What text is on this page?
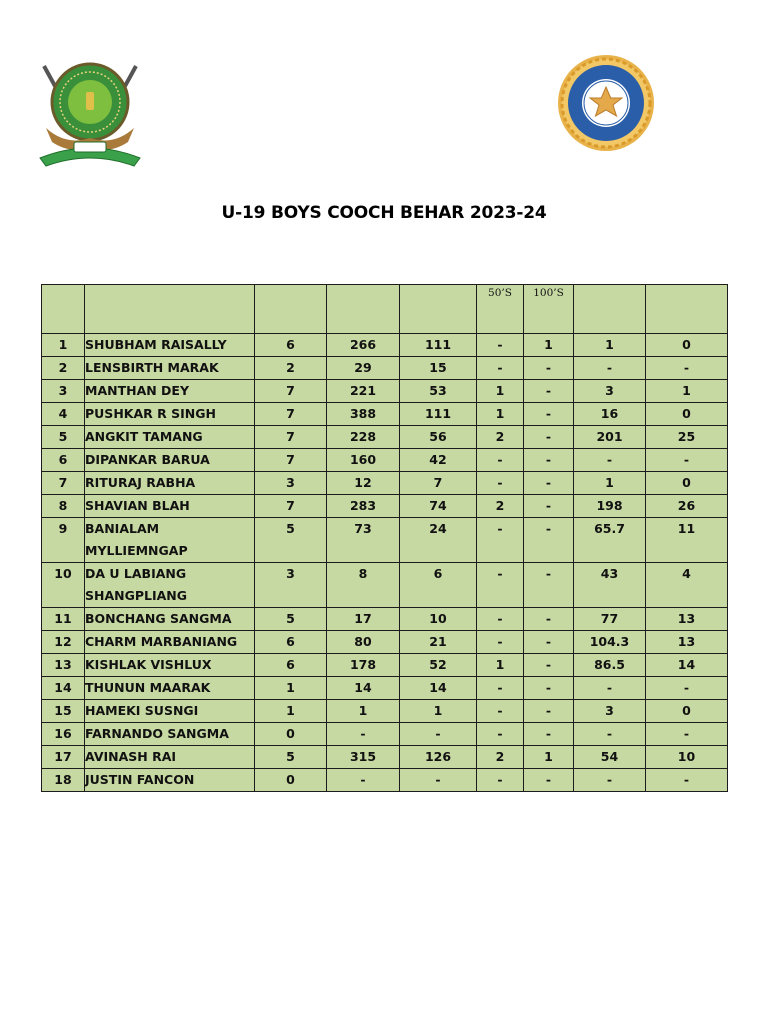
U-19 BOYS COOCH BEHAR 2023-24
					50’S	100’S		
1	SHUBHAM RAISALLY	6	266	111	-	1	1	0
2	LENSBIRTH MARAK	2	29	15	-	-	-	-
3	MANTHAN DEY	7	221	53	1	-	3	1
4	PUSHKAR R SINGH	7	388	111	1	-	16	0
5	ANGKIT TAMANG	7	228	56	2	-	201	25
6	DIPANKAR BARUA	7	160	42	-	-	-	-
7	RITURAJ RABHA	3	12	7	-	-	1	0
8	SHAVIAN BLAH	7	283	74	2	-	198	26
9	BANIALAM MYLLIEMNGAP	5	73	24	-	-	65.7	11
10	DA U LABIANG SHANGPLIANG	3	8	6	-	-	43	4
11	BONCHANG SANGMA	5	17	10	-	-	77	13
12	CHARM MARBANIANG	6	80	21	-	-	104.3	13
13	KISHLAK VISHLUX	6	178	52	1	-	86.5	14
14	THUNUN MAARAK	1	14	14	-	-	-	-
15	HAMEKI SUSNGI	1	1	1	-	-	3	0
16	FARNANDO SANGMA	0	-	-	-	-	-	-
17	AVINASH RAI	5	315	126	2	1	54	10
18	JUSTIN FANCON	0	-	-	-	-	-	-
